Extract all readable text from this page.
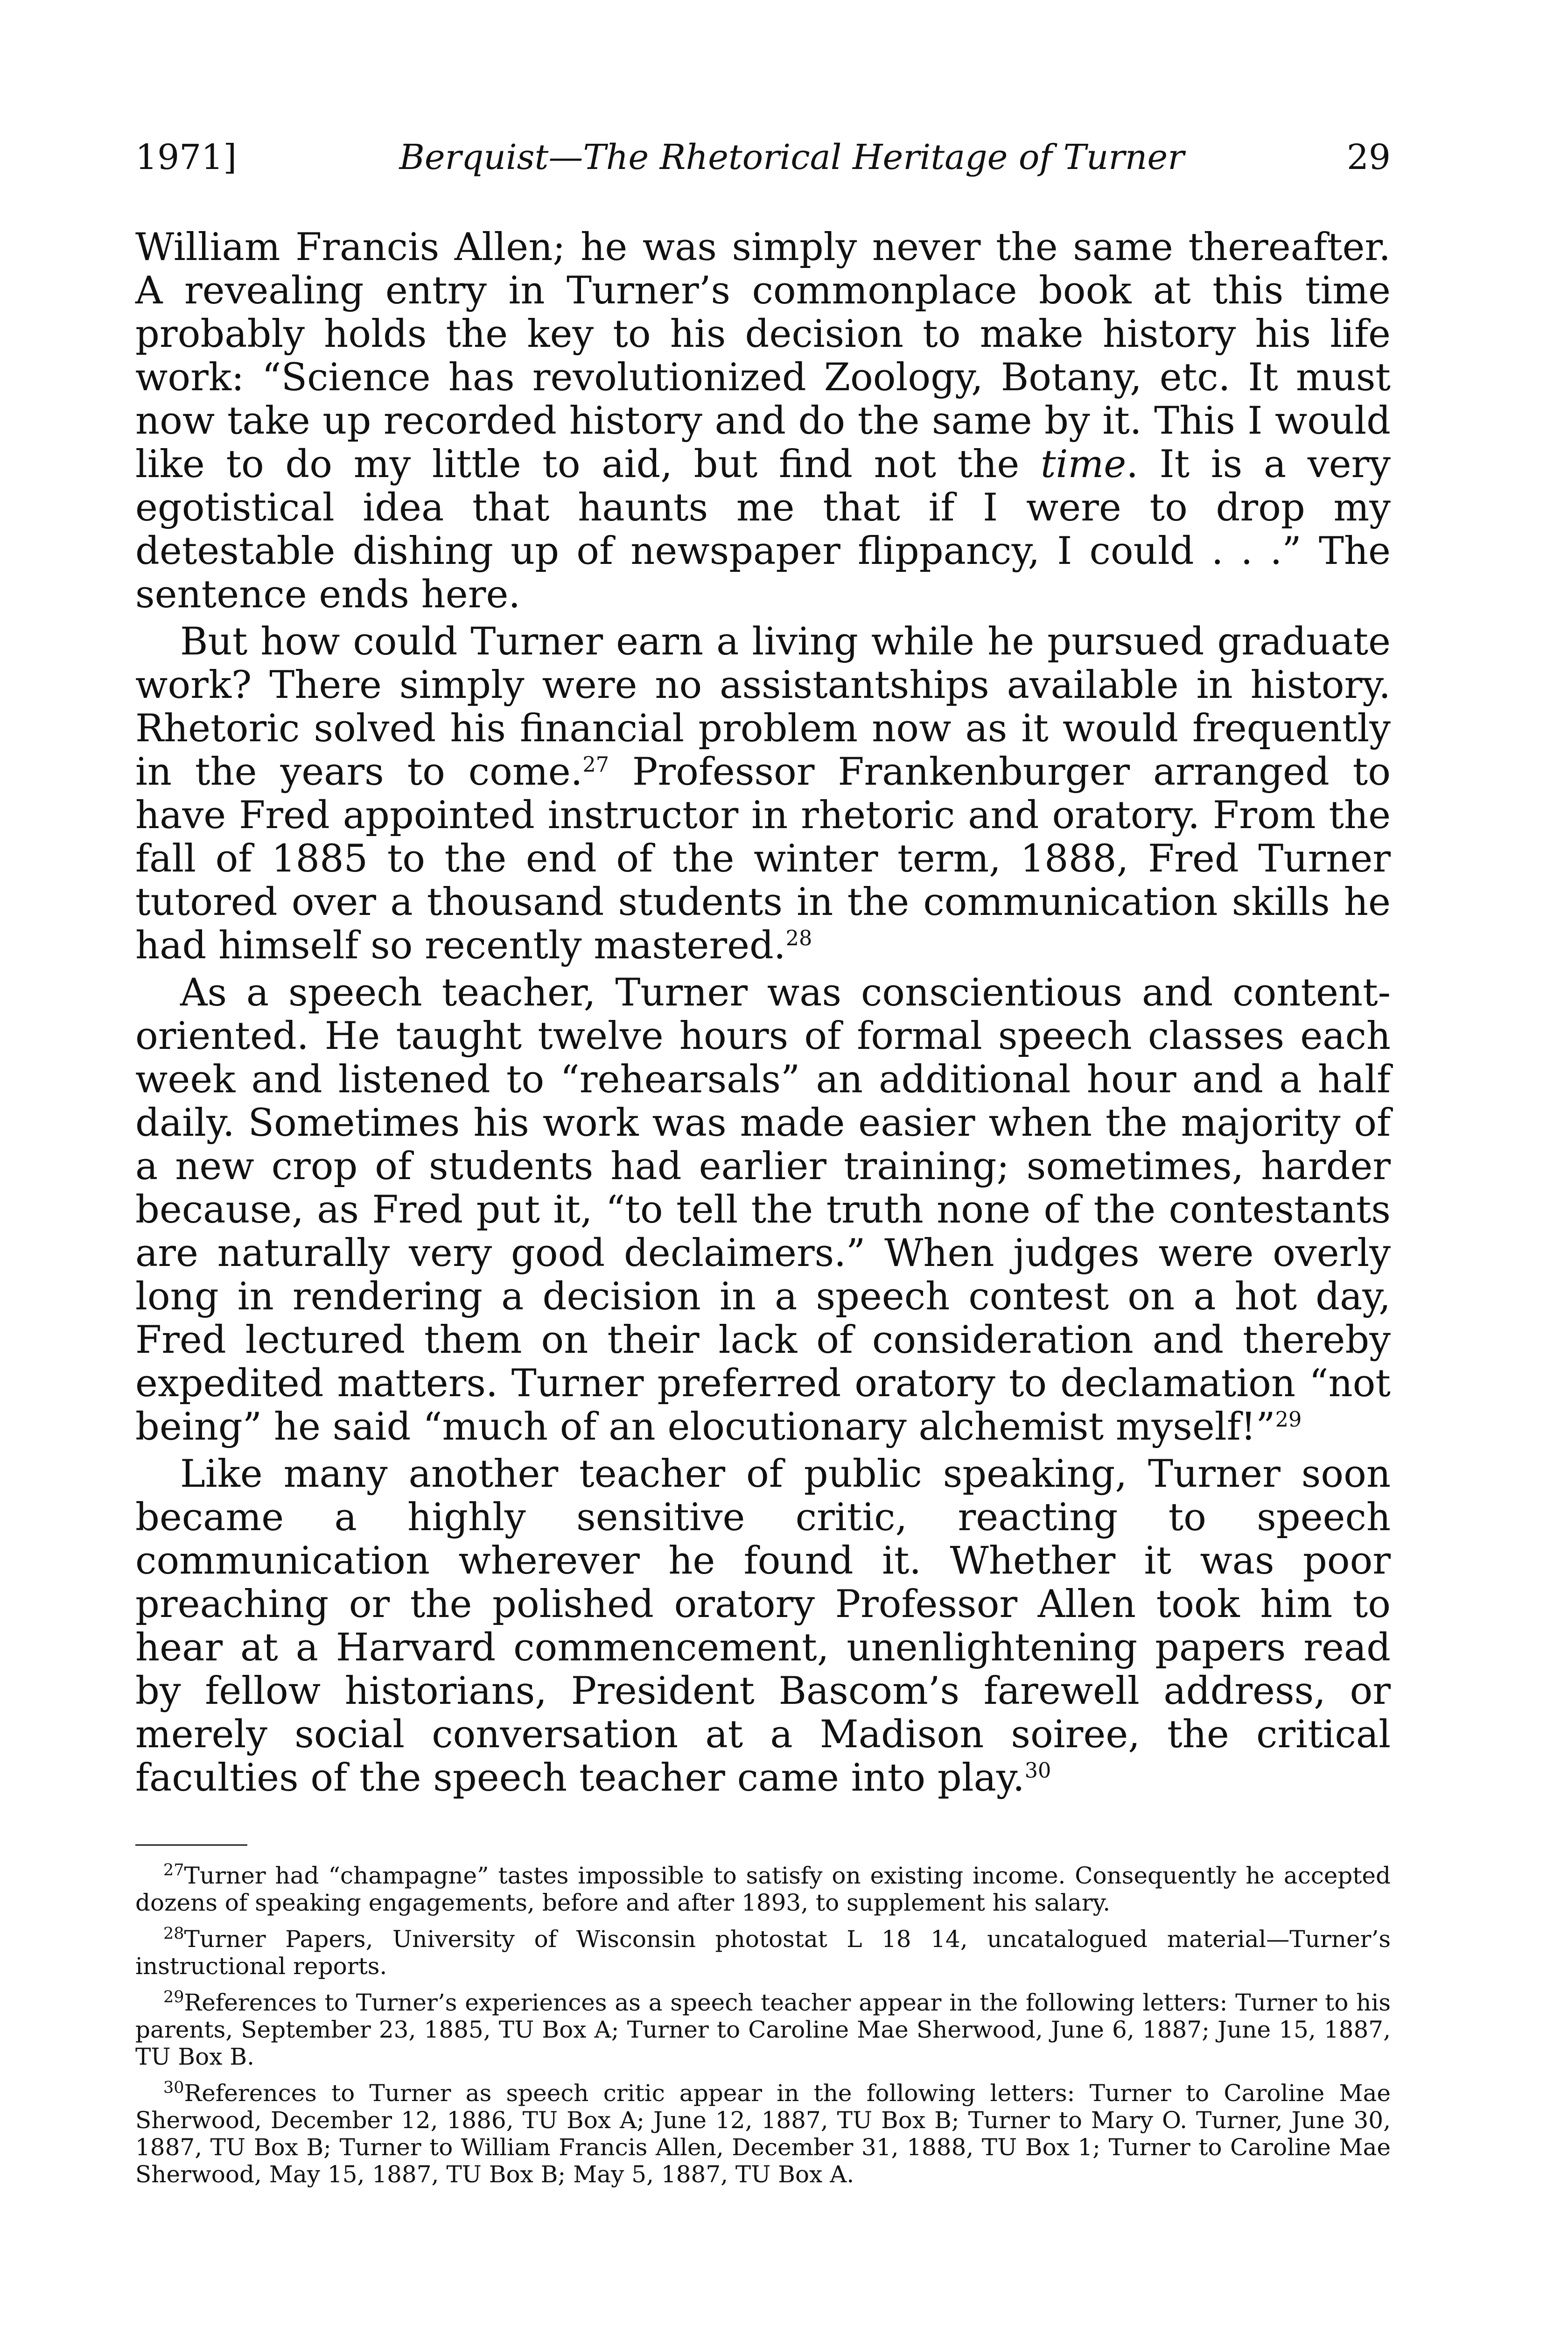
1971]	Berquist—The Rhetorical Heritage of Turner	29

William Francis Allen; he was simply never the same thereafter. A revealing entry in Turner’s commonplace book at this time probably holds the key to his decision to make history his life work: “Science has revolutionized Zoology, Botany, etc. It must now take up recorded history and do the same by it. This I would like to do my little to aid, but find not the time. It is a very egotistical idea that haunts me that if I were to drop my detestable dishing up of newspaper flippancy, I could . . .” The sentence ends here.

But how could Turner earn a living while he pursued graduate work? There simply were no assistantships available in history. Rhetoric solved his financial problem now as it would frequently in the years to come.$^{27}$ Professor Frankenburger arranged to have Fred appointed instructor in rhetoric and oratory. From the fall of 1885 to the end of the winter term, 1888, Fred Turner tutored over a thousand students in the communication skills he had himself so recently mastered.$^{28}$

As a speech teacher, Turner was conscientious and content-oriented. He taught twelve hours of formal speech classes each week and listened to “rehearsals” an additional hour and a half daily. Sometimes his work was made easier when the majority of a new crop of students had earlier training; sometimes, harder because, as Fred put it, “to tell the truth none of the contestants are naturally very good declaimers.” When judges were overly long in rendering a decision in a speech contest on a hot day, Fred lectured them on their lack of consideration and thereby expedited matters. Turner preferred oratory to declamation “not being” he said “much of an elocutionary alchemist myself!”$^{29}$

Like many another teacher of public speaking, Turner soon became a highly sensitive critic, reacting to speech communication wherever he found it. Whether it was poor preaching or the polished oratory Professor Allen took him to hear at a Harvard commencement, unenlightening papers read by fellow historians, President Bascom’s farewell address, or merely social conversation at a Madison soiree, the critical faculties of the speech teacher came into play.$^{30}$

$^{27}$Turner had “champagne” tastes impossible to satisfy on existing income. Consequently he accepted dozens of speaking engagements, before and after 1893, to supplement his salary.

$^{28}$Turner Papers, University of Wisconsin photostat L 18 14, uncatalogued material—Turner’s instructional reports.

$^{29}$References to Turner’s experiences as a speech teacher appear in the following letters: Turner to his parents, September 23, 1885, TU Box A; Turner to Caroline Mae Sherwood, June 6, 1887; June 15, 1887, TU Box B.

$^{30}$References to Turner as speech critic appear in the following letters: Turner to Caroline Mae Sherwood, December 12, 1886, TU Box A; June 12, 1887, TU Box B; Turner to Mary O. Turner, June 30, 1887, TU Box B; Turner to William Francis Allen, December 31, 1888, TU Box 1; Turner to Caroline Mae Sherwood, May 15, 1887, TU Box B; May 5, 1887, TU Box A.
